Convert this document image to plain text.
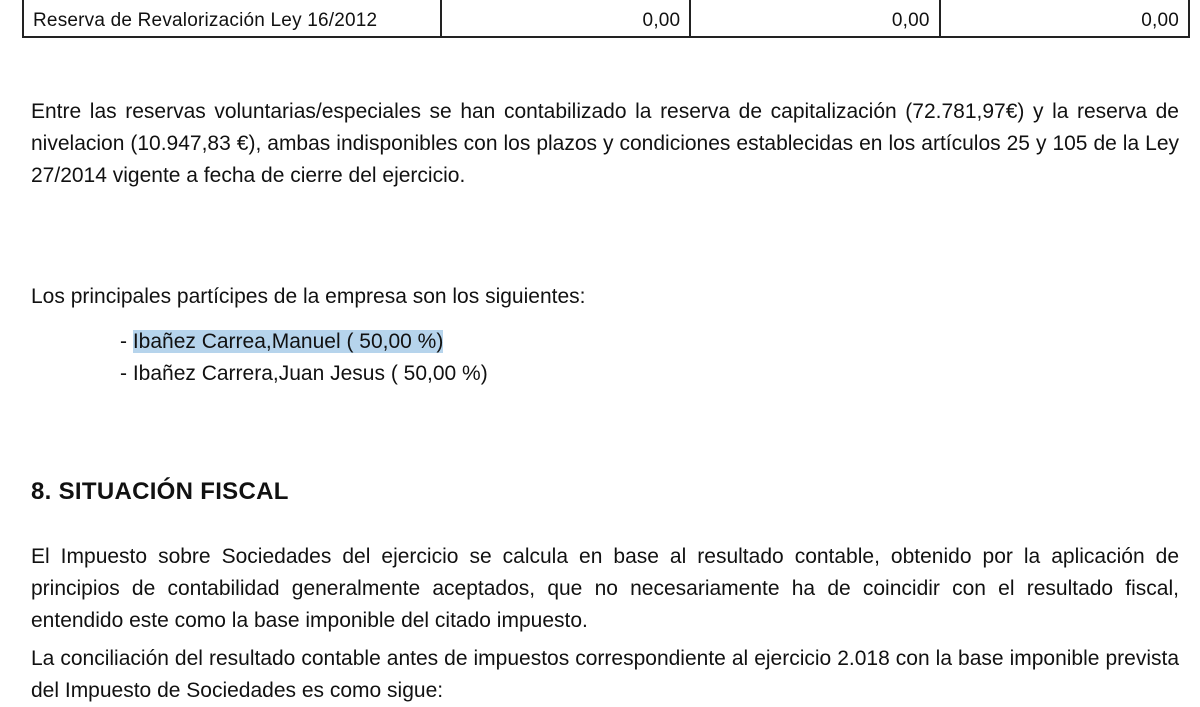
Reserva de Revalorización Ley 16/2012	0,00	0,00	0,00

Entre las reservas voluntarias/especiales se han contabilizado la reserva de capitalización (72.781,97€) y la reserva de nivelacion (10.947,83 €), ambas indisponibles con los plazos y condiciones establecidas en los artículos 25 y 105 de la Ley 27/2014 vigente a fecha de cierre del ejercicio.

Los principales partícipes de la empresa son los siguientes:

- Ibañez Carrea,Manuel ( 50,00 %)
- Ibañez Carrera,Juan Jesus ( 50,00 %)
8. SITUACIÓN FISCAL

El Impuesto sobre Sociedades del ejercicio se calcula en base al resultado contable, obtenido por la aplicación de principios de contabilidad generalmente aceptados, que no necesariamente ha de coincidir con el resultado fiscal, entendido este como la base imponible del citado impuesto.

La conciliación del resultado contable antes de impuestos correspondiente al ejercicio 2.018 con la base imponible prevista del Impuesto de Sociedades es como sigue:
